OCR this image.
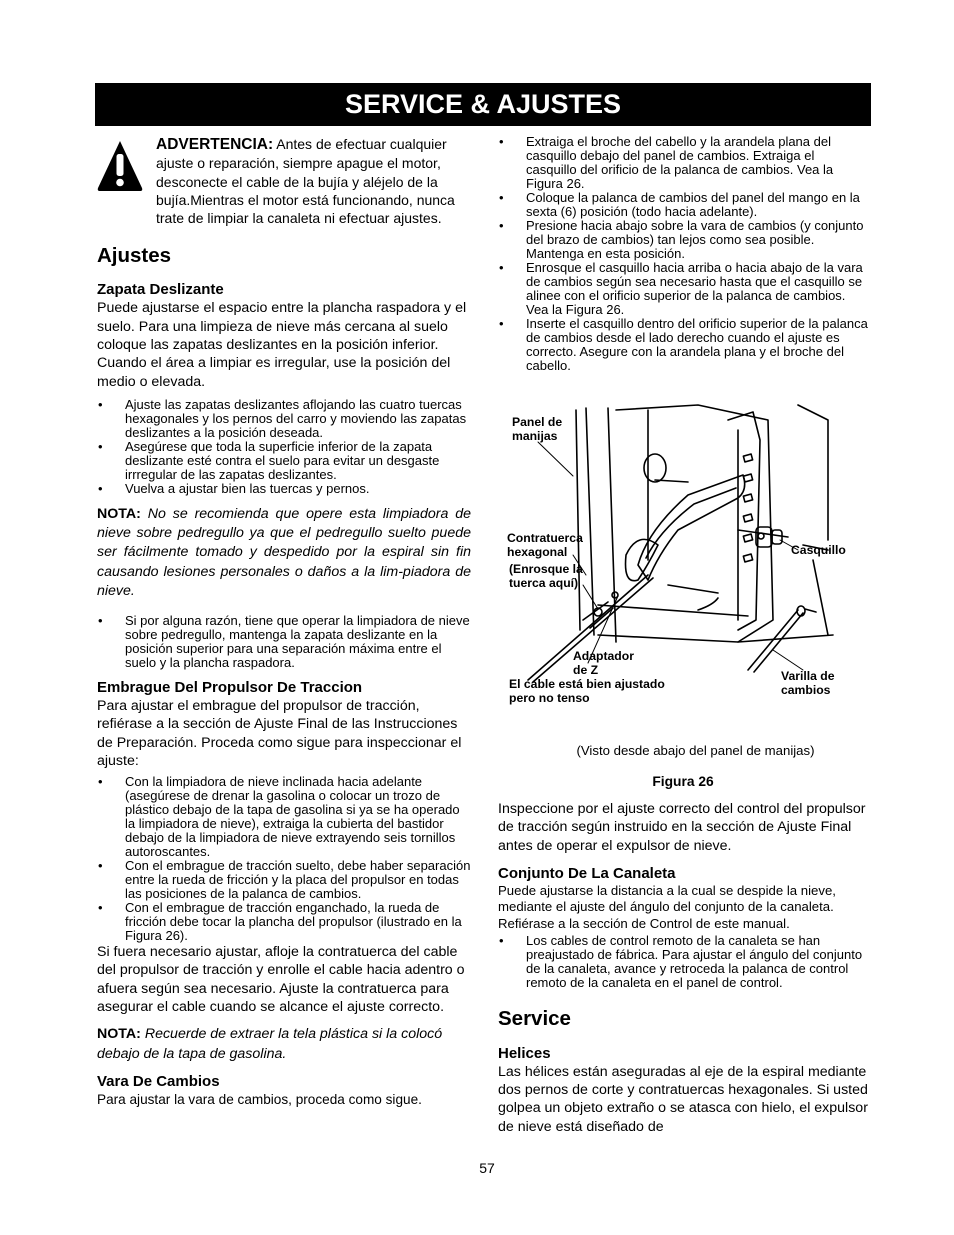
SERVICE & AJUSTES
ADVERTENCIA: Antes de efectuar cualquier ajuste o reparación, siempre apague el motor, desconecte el cable de la bujía y aléjelo de la bujía.Mientras el motor está funcionando, nunca trate de limpiar la canaleta ni efectuar ajustes.
Ajustes
Zapata Deslizante

Puede ajustarse el espacio entre la plancha raspadora y el suelo. Para una limpieza de nieve más cercana al suelo coloque las zapatas deslizantes en la posición inferior. Cuando el área a limpiar es irregular, use la posición del medio o elevada.

• Ajuste las zapatas deslizantes aflojando las cuatro tuercas hexagonales y los pernos del carro y moviendo las zapatas deslizantes a la posición deseada.
• Asegúrese que toda la superficie inferior de la zapata deslizante esté contra el suelo para evitar un desgaste irrregular de las zapatas deslizantes.
• Vuelva a ajustar bien las tuercas y pernos.

NOTA: No se recomienda que opere esta limpiadora de nieve sobre pedregullo ya que el pedregullo suelto puede ser fácilmente tomado y despedido por la espiral sin fin causando lesiones personales o daños a la lim-piadora de nieve.

• Si por alguna razón, tiene que operar la limpiadora de nieve sobre pedregullo, mantenga la zapata deslizante en la posición superior para una separación máxima entre el suelo y la plancha raspadora.
Embrague Del Propulsor De Traccion

Para ajustar el embrague del propulsor de tracción, refiérase a la sección de Ajuste Final de las Instrucciones de Preparación. Proceda como sigue para inspeccionar el ajuste:

• Con la limpiadora de nieve inclinada hacia adelante (asegúrese de drenar la gasolina o colocar un trozo de plástico debajo de la tapa de gasolina si ya se ha operado la limpiadora de nieve), extraiga la cubierta del bastidor debajo de la limpiadora de nieve extrayendo seis tornillos autoroscantes.
• Con el embrague de tracción suelto, debe haber separación entre la rueda de fricción y la placa del propulsor en todas las posiciones de la palanca de cambios.
• Con el embrague de tracción enganchado, la rueda de fricción debe tocar la plancha del propulsor (ilustrado en la Figura 26).

Si fuera necesario ajustar, afloje la contratuerca del cable del propulsor de tracción y enrolle el cable hacia adentro o afuera según sea necesario. Ajuste la contratuerca para asegurar el cable cuando se alcance el ajuste correcto.

NOTA: Recuerde de extraer la tela plástica si la colocó debajo de la tapa de gasolina.

Vara De Cambios

Para ajustar la vara de cambios, proceda como sigue.

• Extraiga el broche del cabello y la arandela plana del casquillo debajo del panel de cambios. Extraiga el casquillo del orificio de la palanca de cambios. Vea la Figura 26.
• Coloque la palanca de cambios del panel del mango en la sexta (6) posición (todo hacia adelante).
• Presione hacia abajo sobre la vara de cambios (y conjunto del brazo de cambios) tan lejos como sea posible. Mantenga en esta posición.
• Enrosque el casquillo hacia arriba o hacia abajo de la vara de cambios según sea necesario hasta que el casquillo se alinee con el orificio superior de la palanca de cambios. Vea la Figura 26.
• Inserte el casquillo dentro del orificio superior de la palanca de cambios desde el lado derecho cuando el ajuste es correcto. Asegure con la arandela plana y el broche del cabello.
Panel de manijas
Contratuerca hexagonal
(Enrosque la tuerca aquí)
Casquillo
Adaptador de Z
El cable está bien ajustado pero no tenso
Varilla de cambios
(Visto desde abajo del panel de manijas)
Figura 26

Inspeccione por el ajuste correcto del control del propulsor de tracción según instruido en la sección de Ajuste Final antes de operar el expulsor de nieve.

Conjunto De La Canaleta

Puede ajustarse la distancia a la cual se despide la nieve, mediante el ajuste del ángulo del conjunto de la canaleta. Refiérase a la sección de Control de este manual.

• Los cables de control remoto de la canaleta se han preajustado de fábrica. Para ajustar el ángulo del conjunto de la canaleta, avance y retroceda la palanca de control remoto de la canaleta en el panel de control.
Service
Helices

Las hélices están aseguradas al eje de la espiral mediante dos pernos de corte y contratuercas hexagonales. Si usted golpea un objeto extraño o se atasca con hielo, el expulsor de nieve está diseñado de

57
